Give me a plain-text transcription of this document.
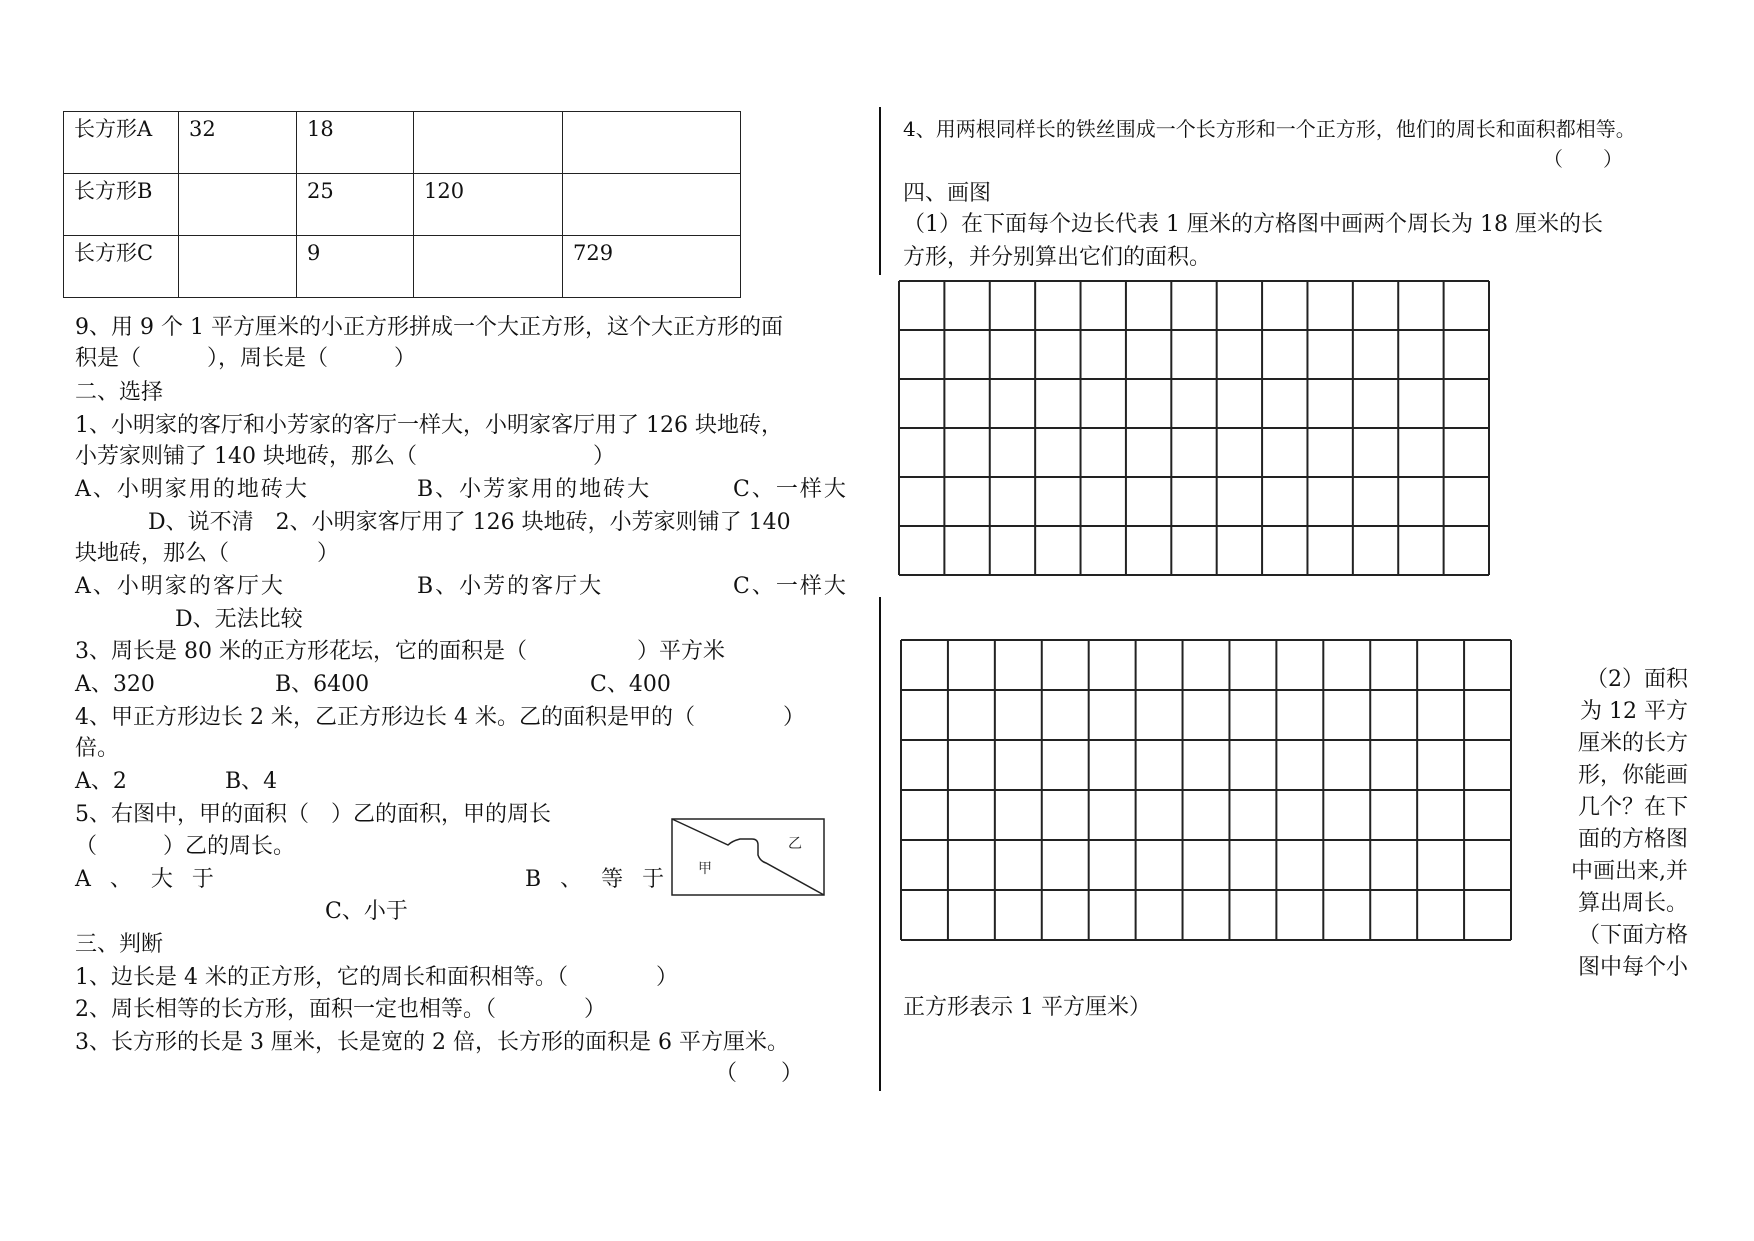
长方形A	32	18		
长方形B		25	120	
长方形C		9		729
9、用 9 个 1 平方厘米的小正方形拼成一个大正方形，这个大正方形的面
积是（　　　），周长是（　　　）
二、选择
1、小明家的客厅和小芳家的客厅一样大，小明家客厅用了 126 块地砖，
小芳家则铺了 140 块地砖，那么（　　　　　　　　）
A、小明家用的地砖大	B、小芳家用的地砖大	C、一样大
D、说不清　2、小明家客厅用了 126 块地砖，小芳家则铺了 140
块地砖，那么（　　　　）
A、小明家的客厅大	B、小芳的客厅大	C、一样大
D、无法比较
3、周长是 80 米的正方形花坛，它的面积是（　　　　　）平方米
A、320	B、6400	C、400
4、甲正方形边长 2 米，乙正方形边长 4 米。乙的面积是甲的（　　　　）
倍。
A、2	B、4
5、右图中，甲的面积（　）乙的面积，甲的周长
（　　　）乙的周长。
A 、 大 于	B 、 等 于
C、小于
甲
乙
三、判断
1、边长是 4 米的正方形，它的周长和面积相等。（　　　　）
2、周长相等的长方形，面积一定也相等。（　　　　）
3、长方形的长是 3 厘米，长是宽的 2 倍，长方形的面积是 6 平方厘米。
（　　）
4、用两根同样长的铁丝围成一个长方形和一个正方形，他们的周长和面积都相等。
（　　）
四、画图
（1）在下面每个边长代表 1 厘米的方格图中画两个周长为 18 厘米的长
方形，并分别算出它们的面积。
（2）面积
为 12 平方
厘米的长方
形，你能画
几个？在下
面的方格图
中画出来,并
算出周长。
（下面方格
图中每个小
正方形表示 1 平方厘米）
